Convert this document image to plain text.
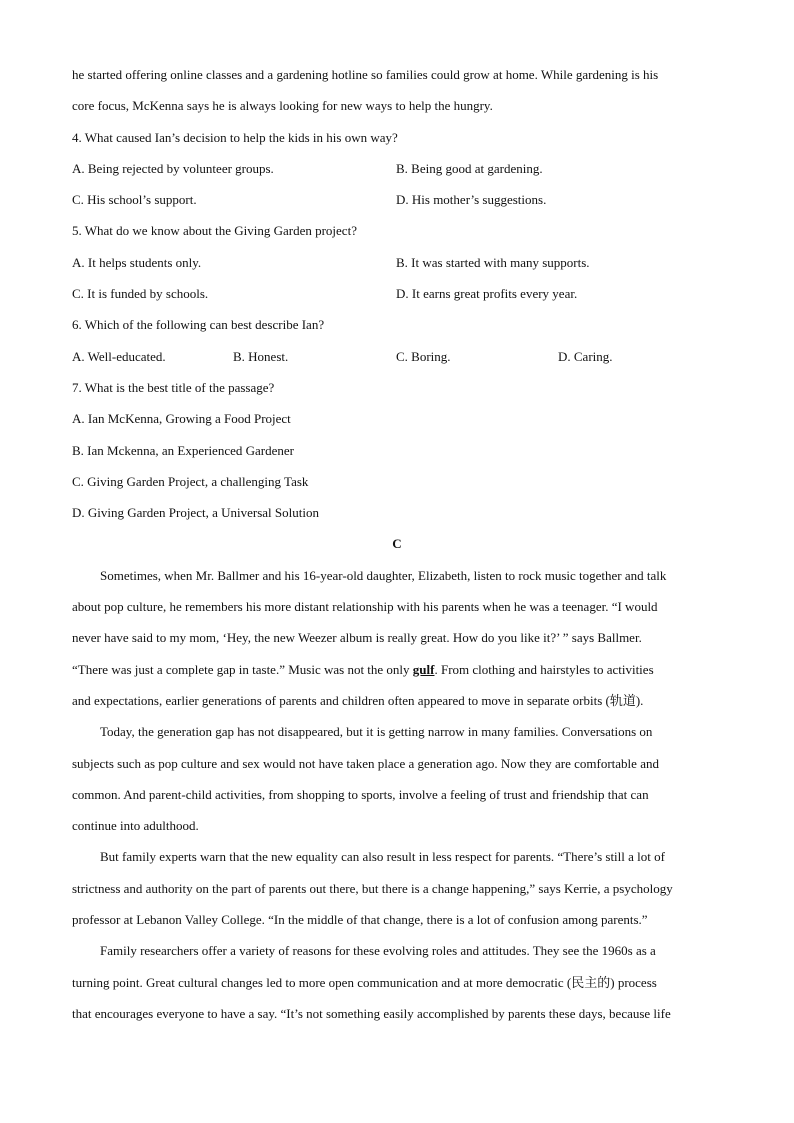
he started offering online classes and a gardening hotline so families could grow at home. While gardening is his
core focus, McKenna says he is always looking for new ways to help the hungry.
4. What caused Ian’s decision to help the kids in his own way?
A. Being rejected by volunteer groups.	B. Being good at gardening.
C. His school’s support.	D. His mother’s suggestions.
5. What do we know about the Giving Garden project?
A. It helps students only.	B. It was started with many supports.
C. It is funded by schools.	D. It earns great profits every year.
6. Which of the following can best describe Ian?
A. Well-educated.	B. Honest.	C. Boring.	D. Caring.
7. What is the best title of the passage?
A. Ian McKenna, Growing a Food Project
B. Ian Mckenna, an Experienced Gardener
C. Giving Garden Project, a challenging Task
D. Giving Garden Project, a Universal Solution
C
Sometimes, when Mr. Ballmer and his 16-year-old daughter, Elizabeth, listen to rock music together and talk
about pop culture, he remembers his more distant relationship with his parents when he was a teenager. “I would
never have said to my mom, ‘Hey, the new Weezer album is really great. How do you like it?’ ” says Ballmer.
“There was just a complete gap in taste.” Music was not the only gulf. From clothing and hairstyles to activities
and expectations, earlier generations of parents and children often appeared to move in separate orbits (轨道).
Today, the generation gap has not disappeared, but it is getting narrow in many families. Conversations on
subjects such as pop culture and sex would not have taken place a generation ago. Now they are comfortable and
common. And parent-child activities, from shopping to sports, involve a feeling of trust and friendship that can
continue into adulthood.
But family experts warn that the new equality can also result in less respect for parents. “There’s still a lot of
strictness and authority on the part of parents out there, but there is a change happening,” says Kerrie, a psychology
professor at Lebanon Valley College. “In the middle of that change, there is a lot of confusion among parents.”
Family researchers offer a variety of reasons for these evolving roles and attitudes. They see the 1960s as a
turning point. Great cultural changes led to more open communication and at more democratic (民主的) process
that encourages everyone to have a say. “It’s not something easily accomplished by parents these days, because life
